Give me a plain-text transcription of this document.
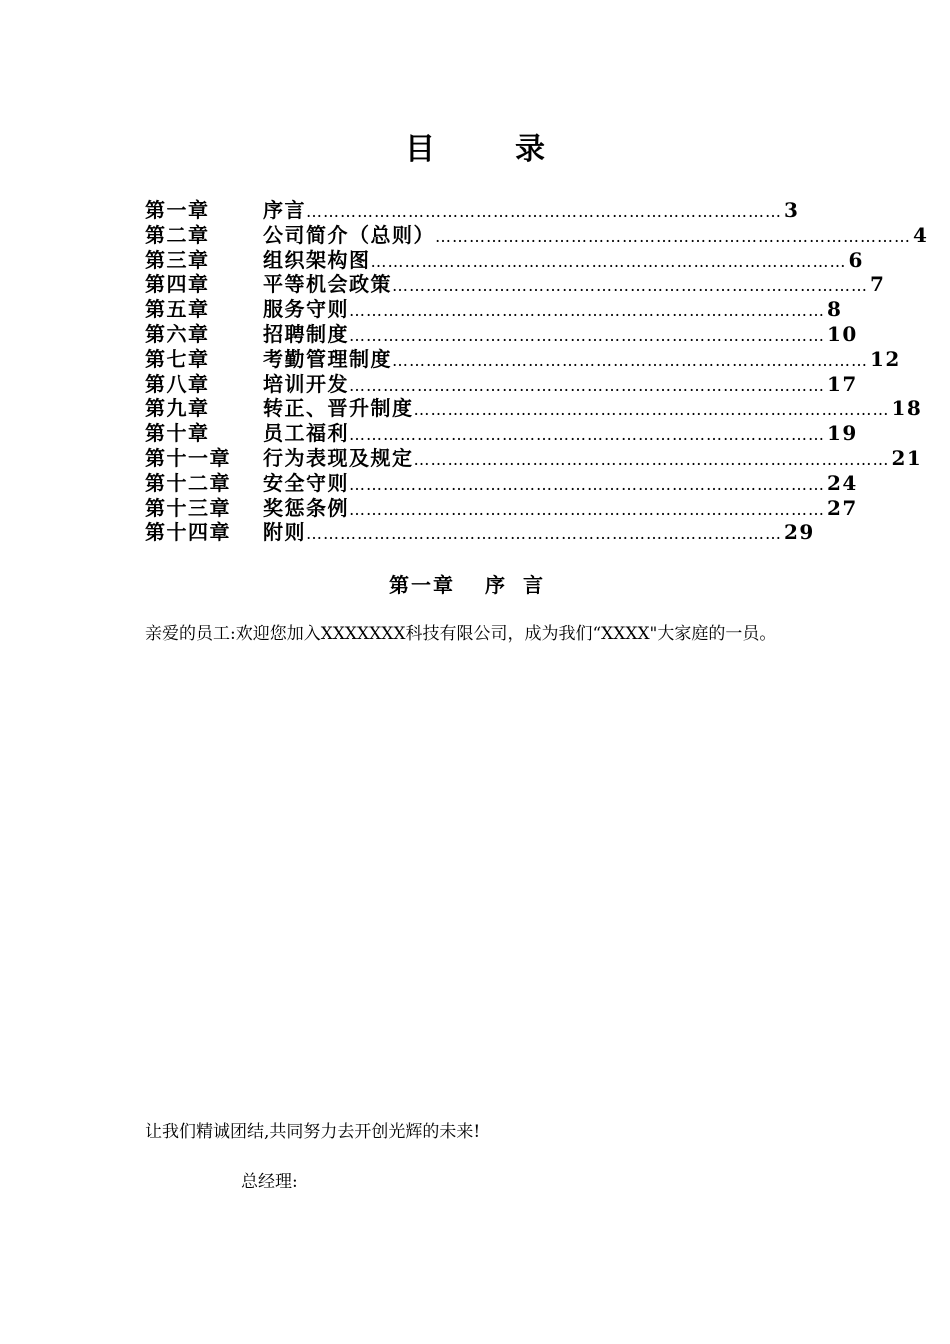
目	录
第一章	序言 ………………………………………………………………………… 3
第二章	公司简介（总则） ………………………………………………………………………… 4
第三章	组织架构图 ………………………………………………………………………… 6
第四章	平等机会政策 ………………………………………………………………………… 7
第五章	服务守则 ………………………………………………………………………… 8
第六章	招聘制度 ………………………………………………………………………… 10
第七章	考勤管理制度 ………………………………………………………………………… 12
第八章	培训开发 ………………………………………………………………………… 17
第九章	转正、晋升制度 ………………………………………………………………………… 18
第十章	员工福利 ………………………………………………………………………… 19
第十一章	行为表现及规定 ………………………………………………………………………… 21
第十二章	安全守则 ………………………………………………………………………… 24
第十三章	奖惩条例 ………………………………………………………………………… 27
第十四章	附则 ………………………………………………………………………… 29
第一章 序言
亲爱的员工:欢迎您加入XXXXXXX科技有限公司，成为我们“XXXX"大家庭的一员。
让我们精诚团结,共同努力去开创光辉的未来!
总经理:
